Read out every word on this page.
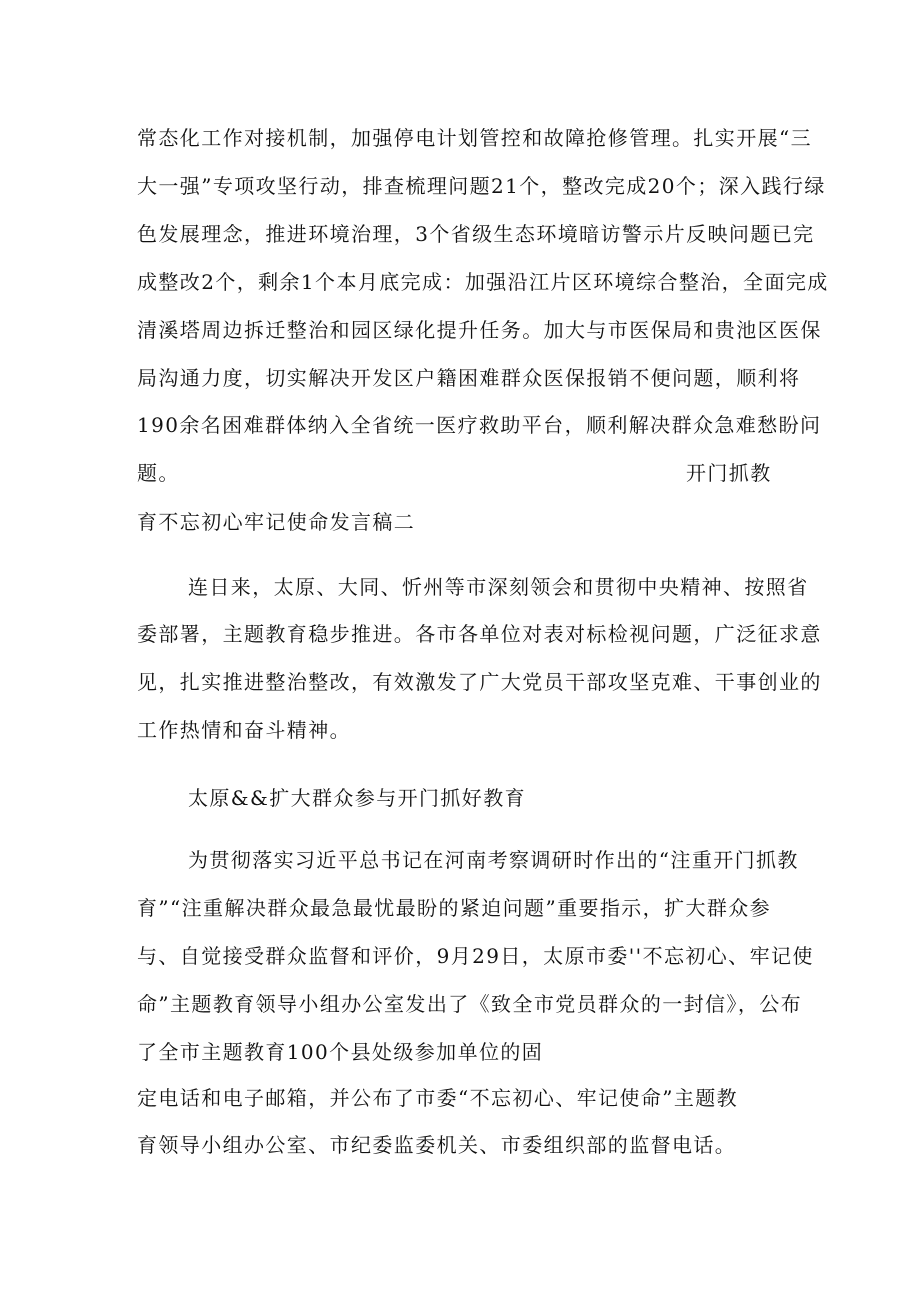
常态化工作对接机制，加强停电计划管控和故障抢修管理。扎实开展“三
大一强”专项攻坚行动，排查梳理问题21个，整改完成20个；深入践行绿
色发展理念，推进环境治理，3个省级生态环境暗访警示片反映问题已完
成整改2个，剩余1个本月底完成：加强沿江片区环境综合整治，全面完成
清溪塔周边拆迁整治和园区绿化提升任务。加大与市医保局和贵池区医保
局沟通力度，切实解决开发区户籍困难群众医保报销不便问题，顺利将
190余名困难群体纳入全省统一医疗救助平台，顺利解决群众急难愁盼问
题。	开门抓教
育不忘初心牢记使命发言稿二
连日来，太原、大同、忻州等市深刻领会和贯彻中央精神、按照省
委部署，主题教育稳步推进。各市各单位对表对标检视问题，广泛征求意
见，扎实推进整治整改，有效激发了广大党员干部攻坚克难、干事创业的
工作热情和奋斗精神。
太原&&扩大群众参与开门抓好教育
为贯彻落实习近平总书记在河南考察调研时作出的“注重开门抓教
育”“注重解决群众最急最忧最盼的紧迫问题”重要指示，扩大群众参
与、自觉接受群众监督和评价，9月29日，太原市委''不忘初心、牢记使
命”主题教育领导小组办公室发出了《致全市党员群众的一封信》，公布
了全市主题教育100个县处级参加单位的固
定电话和电子邮箱，并公布了市委“不忘初心、牢记使命”主题教
育领导小组办公室、市纪委监委机关、市委组织部的监督电话。
